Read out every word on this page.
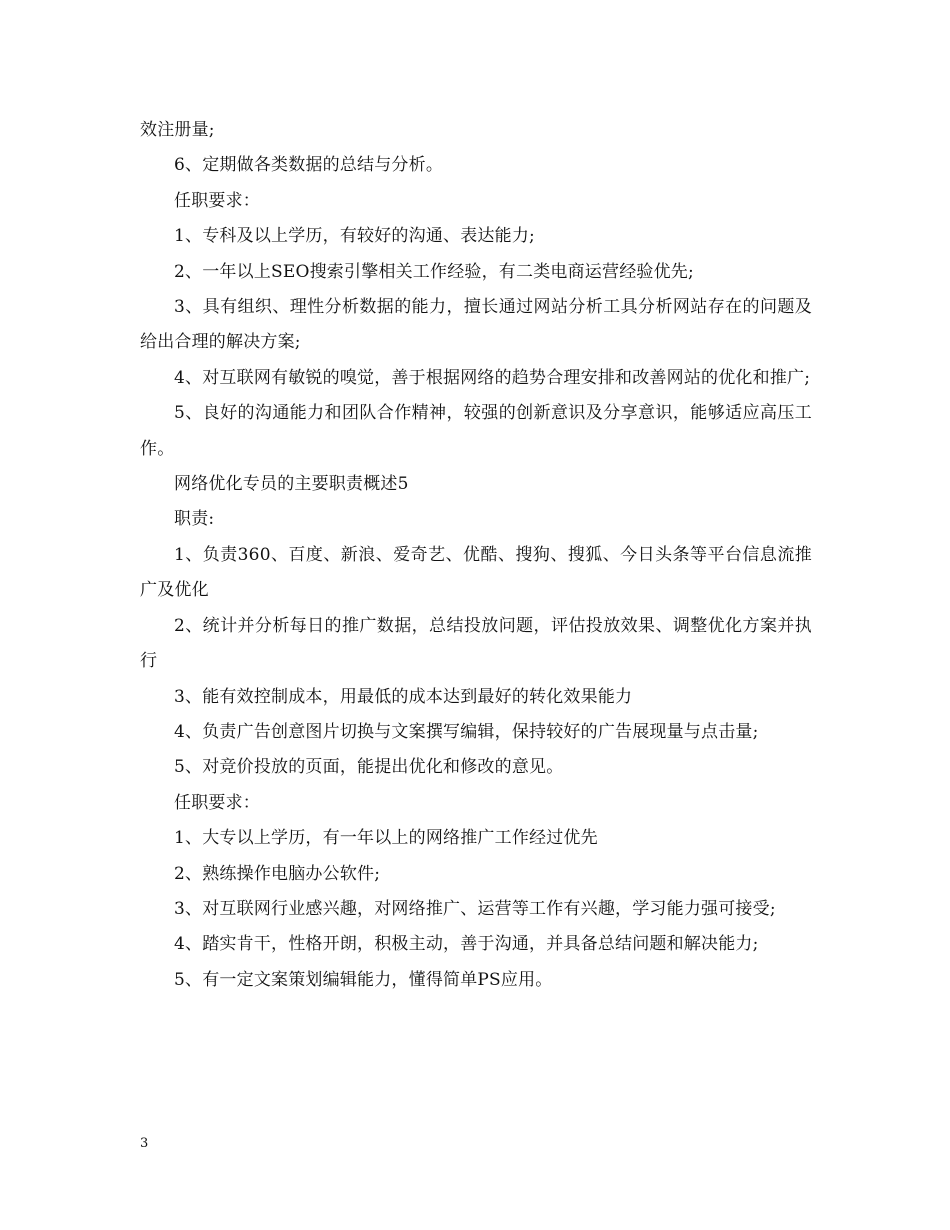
效注册量;

6、定期做各类数据的总结与分析。

任职要求：

1、专科及以上学历，有较好的沟通、表达能力;

2、一年以上SEO搜索引擎相关工作经验，有二类电商运营经验优先;

3、具有组织、理性分析数据的能力，擅长通过网站分析工具分析网站存在的问题及给出合理的解决方案;

4、对互联网有敏锐的嗅觉，善于根据网络的趋势合理安排和改善网站的优化和推广;

5、良好的沟通能力和团队合作精神，较强的创新意识及分享意识，能够适应高压工作。

网络优化专员的主要职责概述5

职责:

1、负责360、百度、新浪、爱奇艺、优酷、搜狗、搜狐、今日头条等平台信息流推广及优化

2、统计并分析每日的推广数据，总结投放问题，评估投放效果、调整优化方案并执行

3、能有效控制成本，用最低的成本达到最好的转化效果能力

4、负责广告创意图片切换与文案撰写编辑，保持较好的广告展现量与点击量;

5、对竞价投放的页面，能提出优化和修改的意见。

任职要求：

1、大专以上学历，有一年以上的网络推广工作经过优先

2、熟练操作电脑办公软件;

3、对互联网行业感兴趣，对网络推广、运营等工作有兴趣，学习能力强可接受;

4、踏实肯干，性格开朗，积极主动，善于沟通，并具备总结问题和解决能力;

5、有一定文案策划编辑能力，懂得简单PS应用。

3
